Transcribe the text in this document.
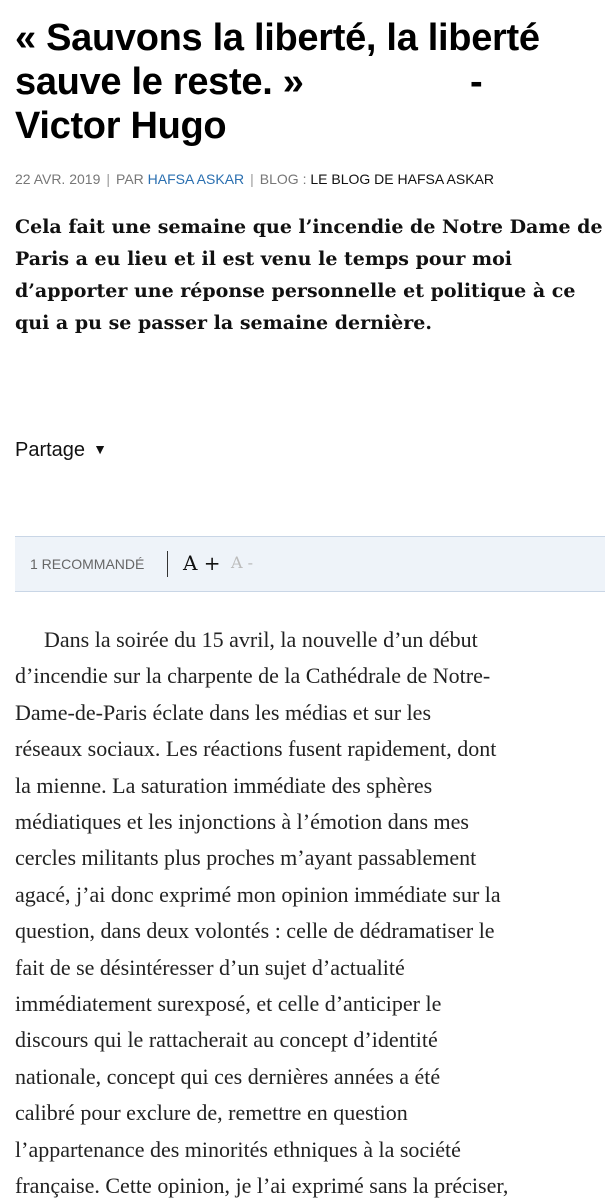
« Sauvons la liberté, la liberté
sauve le reste. »
Victor Hugo
-
22 AVR. 2019 | PAR HAFSA ASKAR | BLOG : LE BLOG DE HAFSA ASKAR

Cela fait une semaine que l’incendie de Notre Dame de Paris a eu lieu et il est venu le temps pour moi d’apporter une réponse personnelle et politique à ce qui a pu se passer la semaine dernière.

Partage ▼
1 RECOMMANDÉ A + A -
Dans la soirée du 15 avril, la nouvelle d’un début
d’incendie sur la charpente de la Cathédrale de Notre-
Dame-de-Paris éclate dans les médias et sur les
réseaux sociaux. Les réactions fusent rapidement, dont
la mienne. La saturation immédiate des sphères
médiatiques et les injonctions à l’émotion dans mes
cercles militants plus proches m’ayant passablement
agacé, j’ai donc exprimé mon opinion immédiate sur la
question, dans deux volontés : celle de dédramatiser le
fait de se désintéresser d’un sujet d’actualité
immédiatement surexposé, et celle d’anticiper le
discours qui le rattacherait au concept d’identité
nationale, concept qui ces dernières années a été
calibré pour exclure de, remettre en question
l’appartenance des minorités ethniques à la société
française. Cette opinion, je l’ai exprimé sans la préciser,
